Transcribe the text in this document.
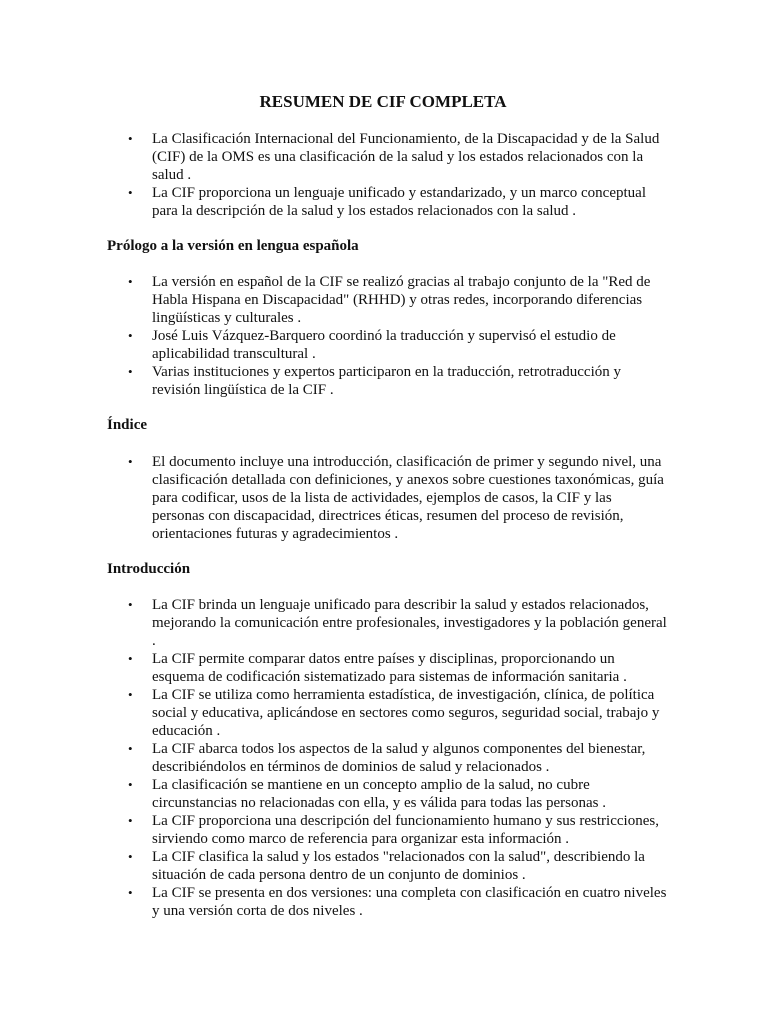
RESUMEN DE CIF COMPLETA
• La Clasificación Internacional del Funcionamiento, de la Discapacidad y de la Salud (CIF) de la OMS es una clasificación de la salud y los estados relacionados con la salud .
• La CIF proporciona un lenguaje unificado y estandarizado, y un marco conceptual para la descripción de la salud y los estados relacionados con la salud .
Prólogo a la versión en lengua española
• La versión en español de la CIF se realizó gracias al trabajo conjunto de la "Red de Habla Hispana en Discapacidad" (RHHD) y otras redes, incorporando diferencias lingüísticas y culturales .
• José Luis Vázquez-Barquero coordinó la traducción y supervisó el estudio de aplicabilidad transcultural .
• Varias instituciones y expertos participaron en la traducción, retrotraducción y revisión lingüística de la CIF .
Índice
• El documento incluye una introducción, clasificación de primer y segundo nivel, una clasificación detallada con definiciones, y anexos sobre cuestiones taxonómicas, guía para codificar, usos de la lista de actividades, ejemplos de casos, la CIF y las personas con discapacidad, directrices éticas, resumen del proceso de revisión, orientaciones futuras y agradecimientos .
Introducción
• La CIF brinda un lenguaje unificado para describir la salud y estados relacionados, mejorando la comunicación entre profesionales, investigadores y la población general .
• La CIF permite comparar datos entre países y disciplinas, proporcionando un esquema de codificación sistematizado para sistemas de información sanitaria .
• La CIF se utiliza como herramienta estadística, de investigación, clínica, de política social y educativa, aplicándose en sectores como seguros, seguridad social, trabajo y educación .
• La CIF abarca todos los aspectos de la salud y algunos componentes del bienestar, describiéndolos en términos de dominios de salud y relacionados .
• La clasificación se mantiene en un concepto amplio de la salud, no cubre circunstancias no relacionadas con ella, y es válida para todas las personas .
• La CIF proporciona una descripción del funcionamiento humano y sus restricciones, sirviendo como marco de referencia para organizar esta información .
• La CIF clasifica la salud y los estados "relacionados con la salud", describiendo la situación de cada persona dentro de un conjunto de dominios .
• La CIF se presenta en dos versiones: una completa con clasificación en cuatro niveles y una versión corta de dos niveles .
